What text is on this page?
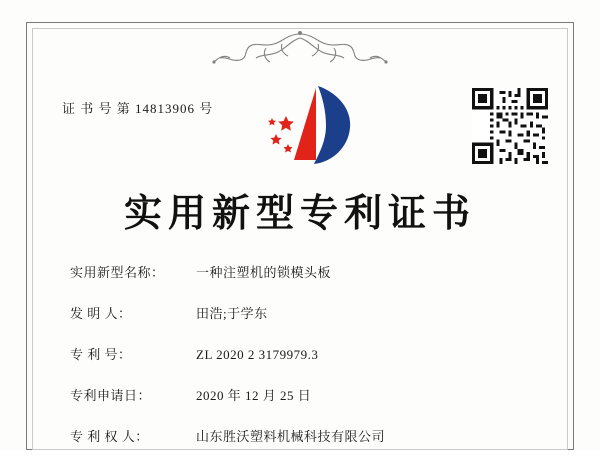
证 书 号 第 14813906 号
实用新型专利证书
实用新型名称：	一种注塑机的锁模头板
发 明 人：	田浩;于学东
专 利 号：	ZL 2020 2 3179979.3
专利申请日：	2020 年 12 月 25 日
专 利 权 人：	山东胜沃塑料机械科技有限公司
